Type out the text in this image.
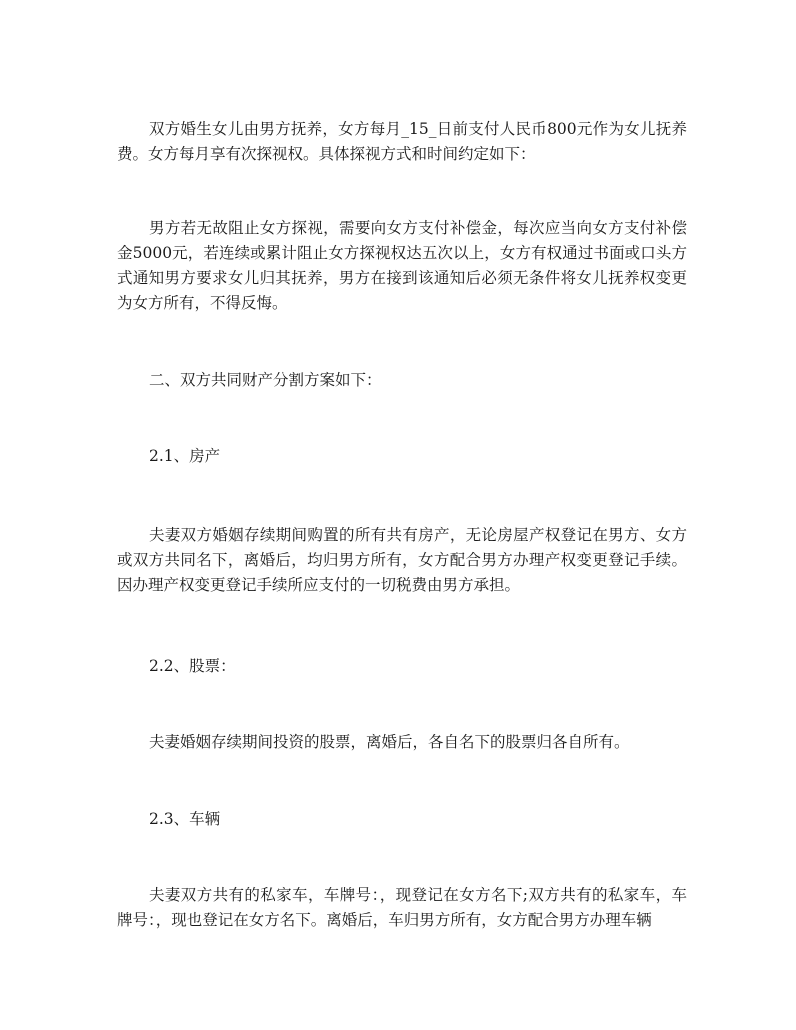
双方婚生女儿由男方抚养，女方每月_15_日前支付人民币800元作为女儿抚养费。女方每月享有次探视权。具体探视方式和时间约定如下：

男方若无故阻止女方探视，需要向女方支付补偿金，每次应当向女方支付补偿金5000元，若连续或累计阻止女方探视权达五次以上，女方有权通过书面或口头方式通知男方要求女儿归其抚养，男方在接到该通知后必须无条件将女儿抚养权变更为女方所有，不得反悔。

二、双方共同财产分割方案如下：

2.1、房产

夫妻双方婚姻存续期间购置的所有共有房产，无论房屋产权登记在男方、女方或双方共同名下，离婚后，均归男方所有，女方配合男方办理产权变更登记手续。因办理产权变更登记手续所应支付的一切税费由男方承担。

2.2、股票：

夫妻婚姻存续期间投资的股票，离婚后，各自名下的股票归各自所有。

2.3、车辆

夫妻双方共有的私家车，车牌号：，现登记在女方名下;双方共有的私家车，车牌号：，现也登记在女方名下。离婚后，车归男方所有，女方配合男方办理车辆
